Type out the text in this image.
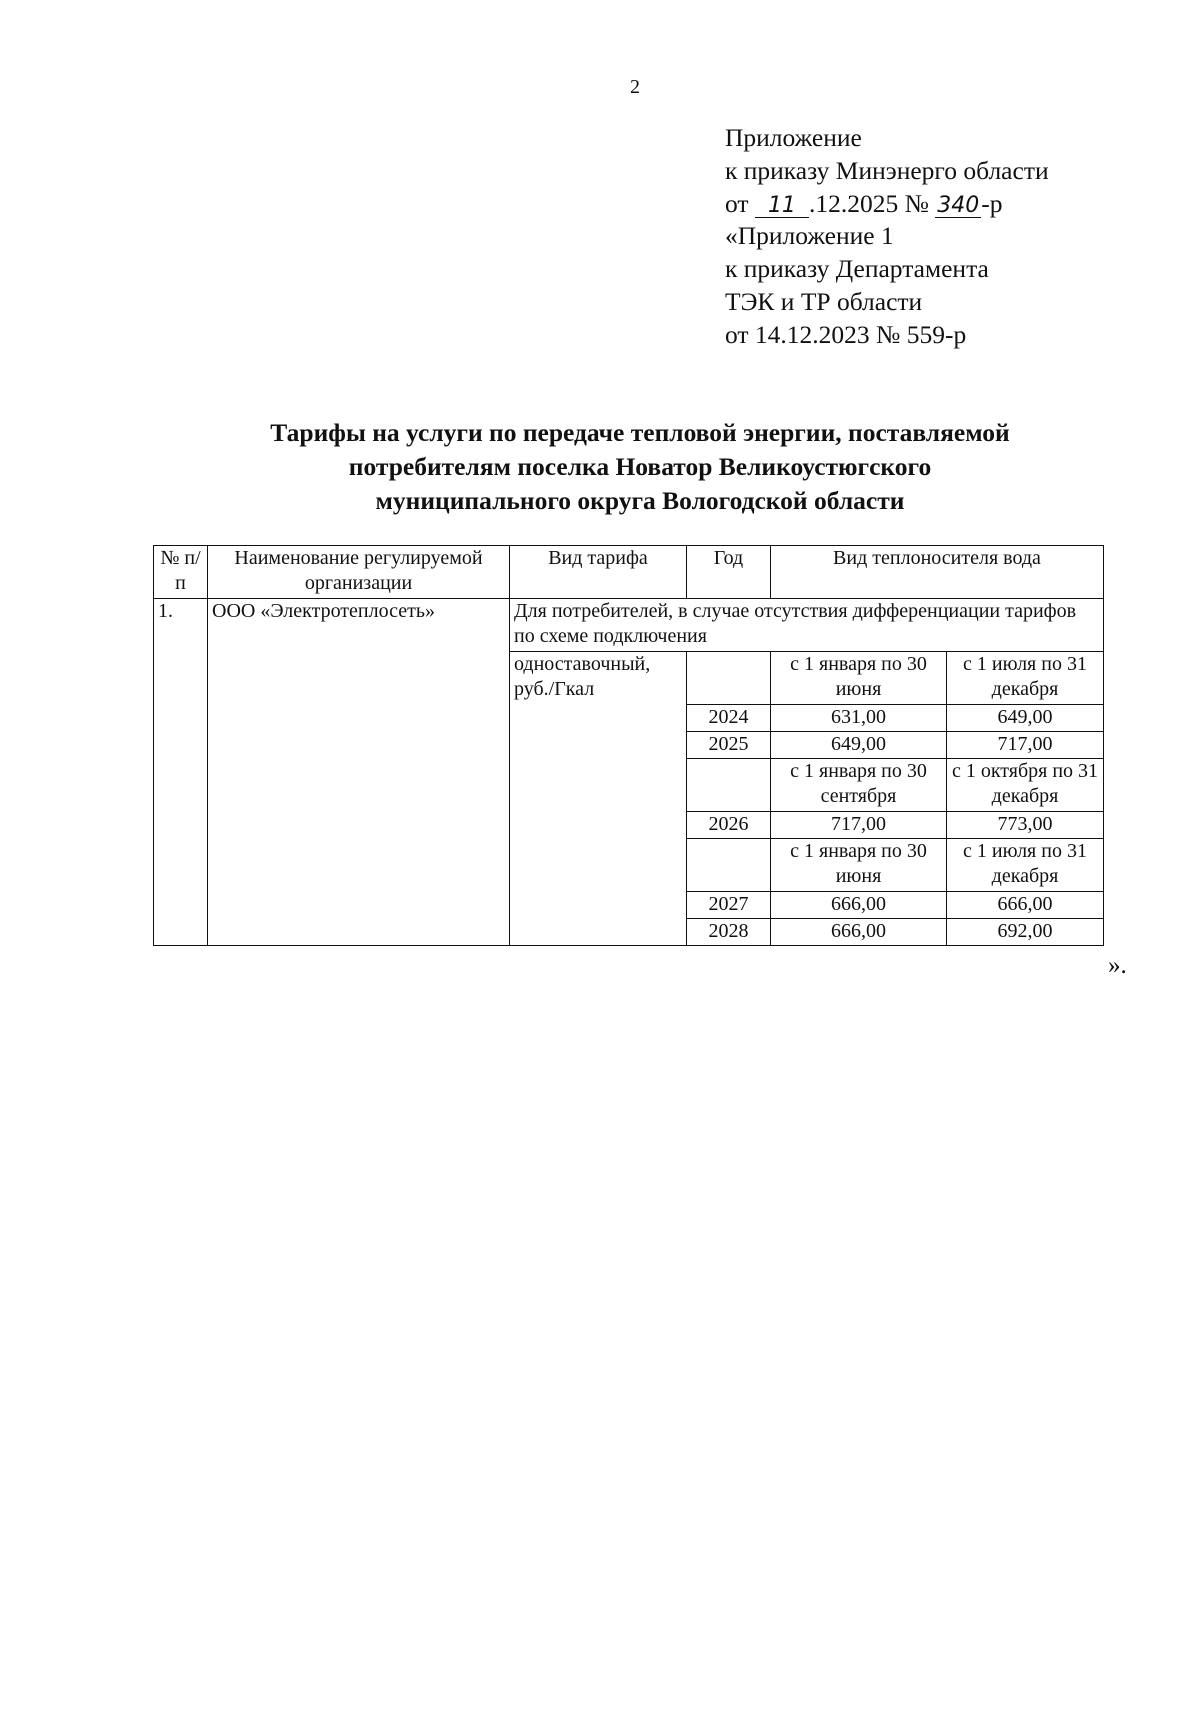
2
Приложение
к приказу Минэнерго области
от 11 .12.2025 № 340-р
«Приложение 1
к приказу Департамента
ТЭК и ТР области
от 14.12.2023 № 559-р
Тарифы на услуги по передаче тепловой энергии, поставляемой
потребителям поселка Новатор Великоустюгского
муниципального округа Вологодской области
№ п/п	Наименование регулируемой организации	Вид тарифа	Год	Вид теплоносителя вода	
1.	ООО «Электротеплосеть»	Для потребителей, в случае отсутствия дифференциации тарифов по схеме подключения			
		одноставочный, руб./Гкал		с 1 января по 30 июня	с 1 июля по 31 декабря
			2024	631,00	649,00
			2025	649,00	717,00
				с 1 января по 30 сентября	с 1 октября по 31 декабря
			2026	717,00	773,00
				с 1 января по 30 июня	с 1 июля по 31 декабря
			2027	666,00	666,00
			2028	666,00	692,00
».
